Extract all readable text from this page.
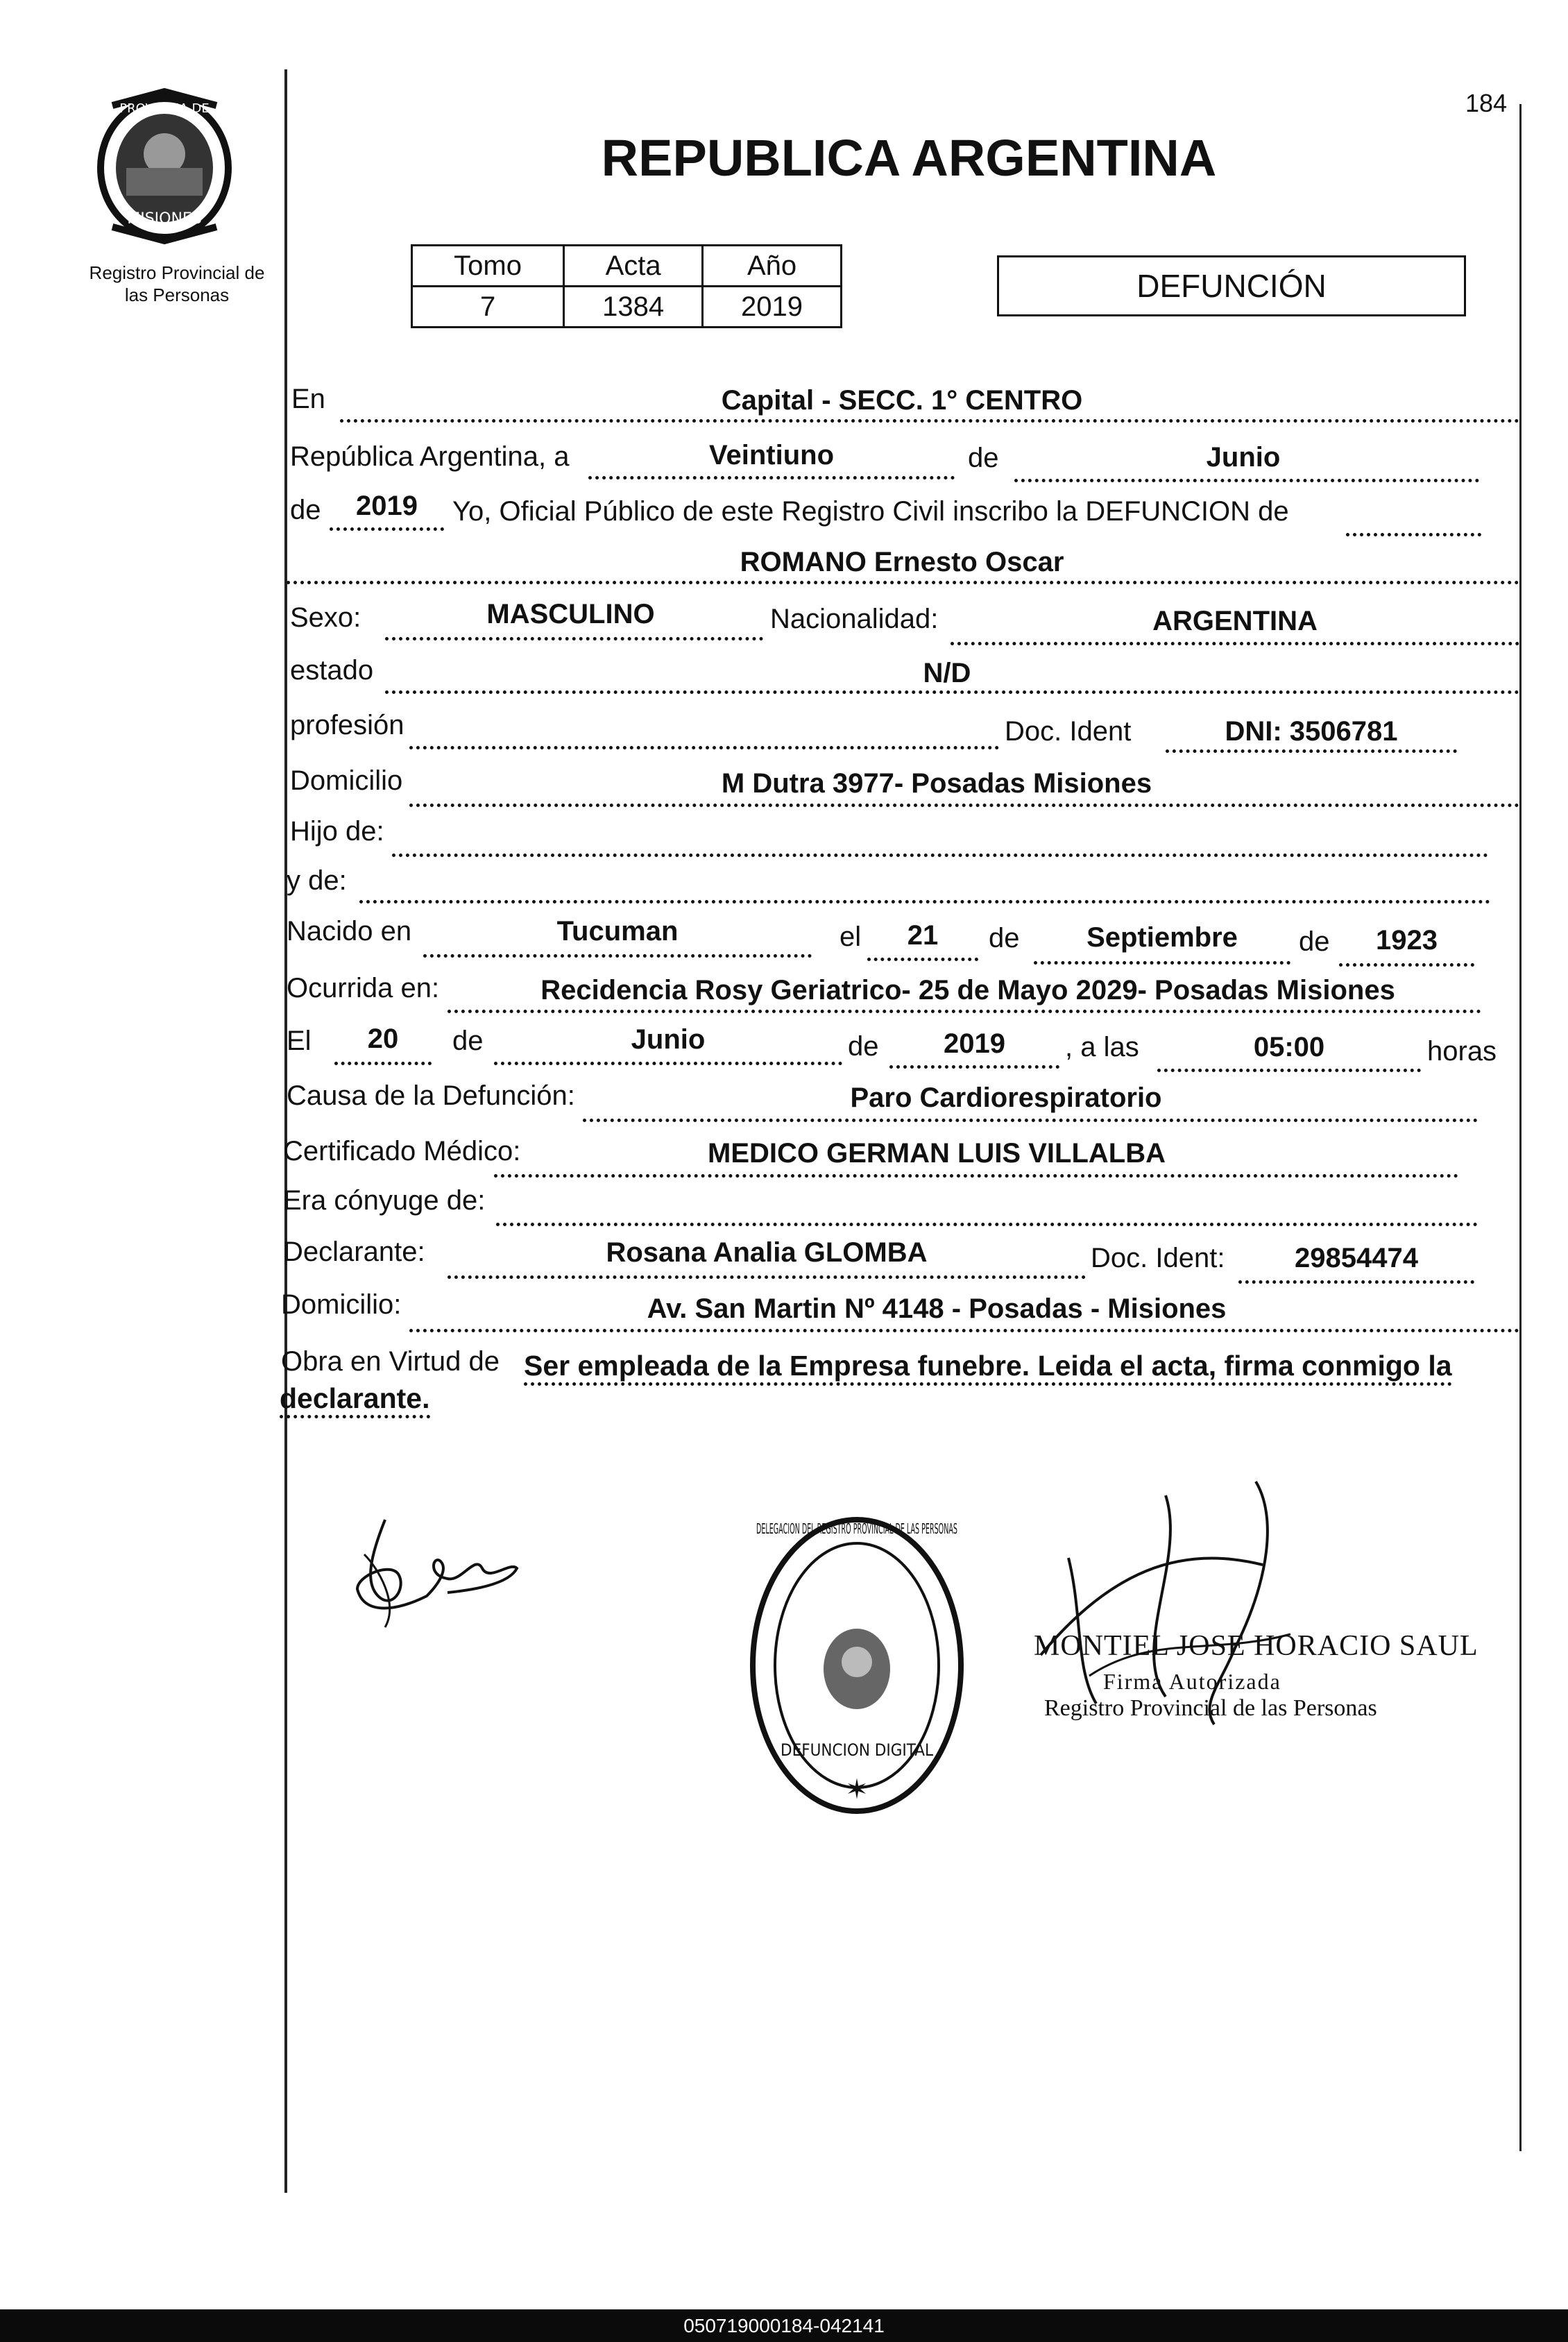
PROVINCIA DE
MISIONES
Registro Provincial de
las Personas
184
REPUBLICA ARGENTINA
Tomo	Acta	Año
7	1384	2019
DEFUNCIÓN
En	Capital - SECC. 1° CENTRO
República Argentina, a	Veintiuno	de	Junio
de	2019	Yo, Oficial Público de este Registro Civil inscribo la DEFUNCION de
ROMANO Ernesto Oscar
Sexo:	MASCULINO	Nacionalidad:	ARGENTINA
estado	N/D
profesión	Doc. Ident	DNI: 3506781
Domicilio	M Dutra 3977- Posadas Misiones
Hijo de:
y de:
Nacido en	Tucuman	el	21	de	Septiembre	de	1923
Ocurrida en:	Recidencia Rosy Geriatrico- 25 de Mayo 2029- Posadas Misiones
El	20	de	Junio	de	2019	, a las	05:00	horas
Causa de la Defunción:	Paro Cardiorespiratorio
Certificado Médico:	MEDICO GERMAN LUIS VILLALBA
Era cónyuge de:
Declarante:	Rosana Analia GLOMBA	Doc. Ident:	29854474
Domicilio:	Av. San Martin Nº 4148 - Posadas - Misiones
Obra en Virtud de Ser empleada de la Empresa funebre. Leida el acta, firma conmigo la
declarante.
DELEGACION DEL REGISTRO PROVINCIAL DE LAS PERSONAS
DEFUNCION DIGITAL
✶
MONTIEL JOSE HORACIO SAUL
Firma Autorizada
Registro Provincial de las Personas
050719000184-042141
